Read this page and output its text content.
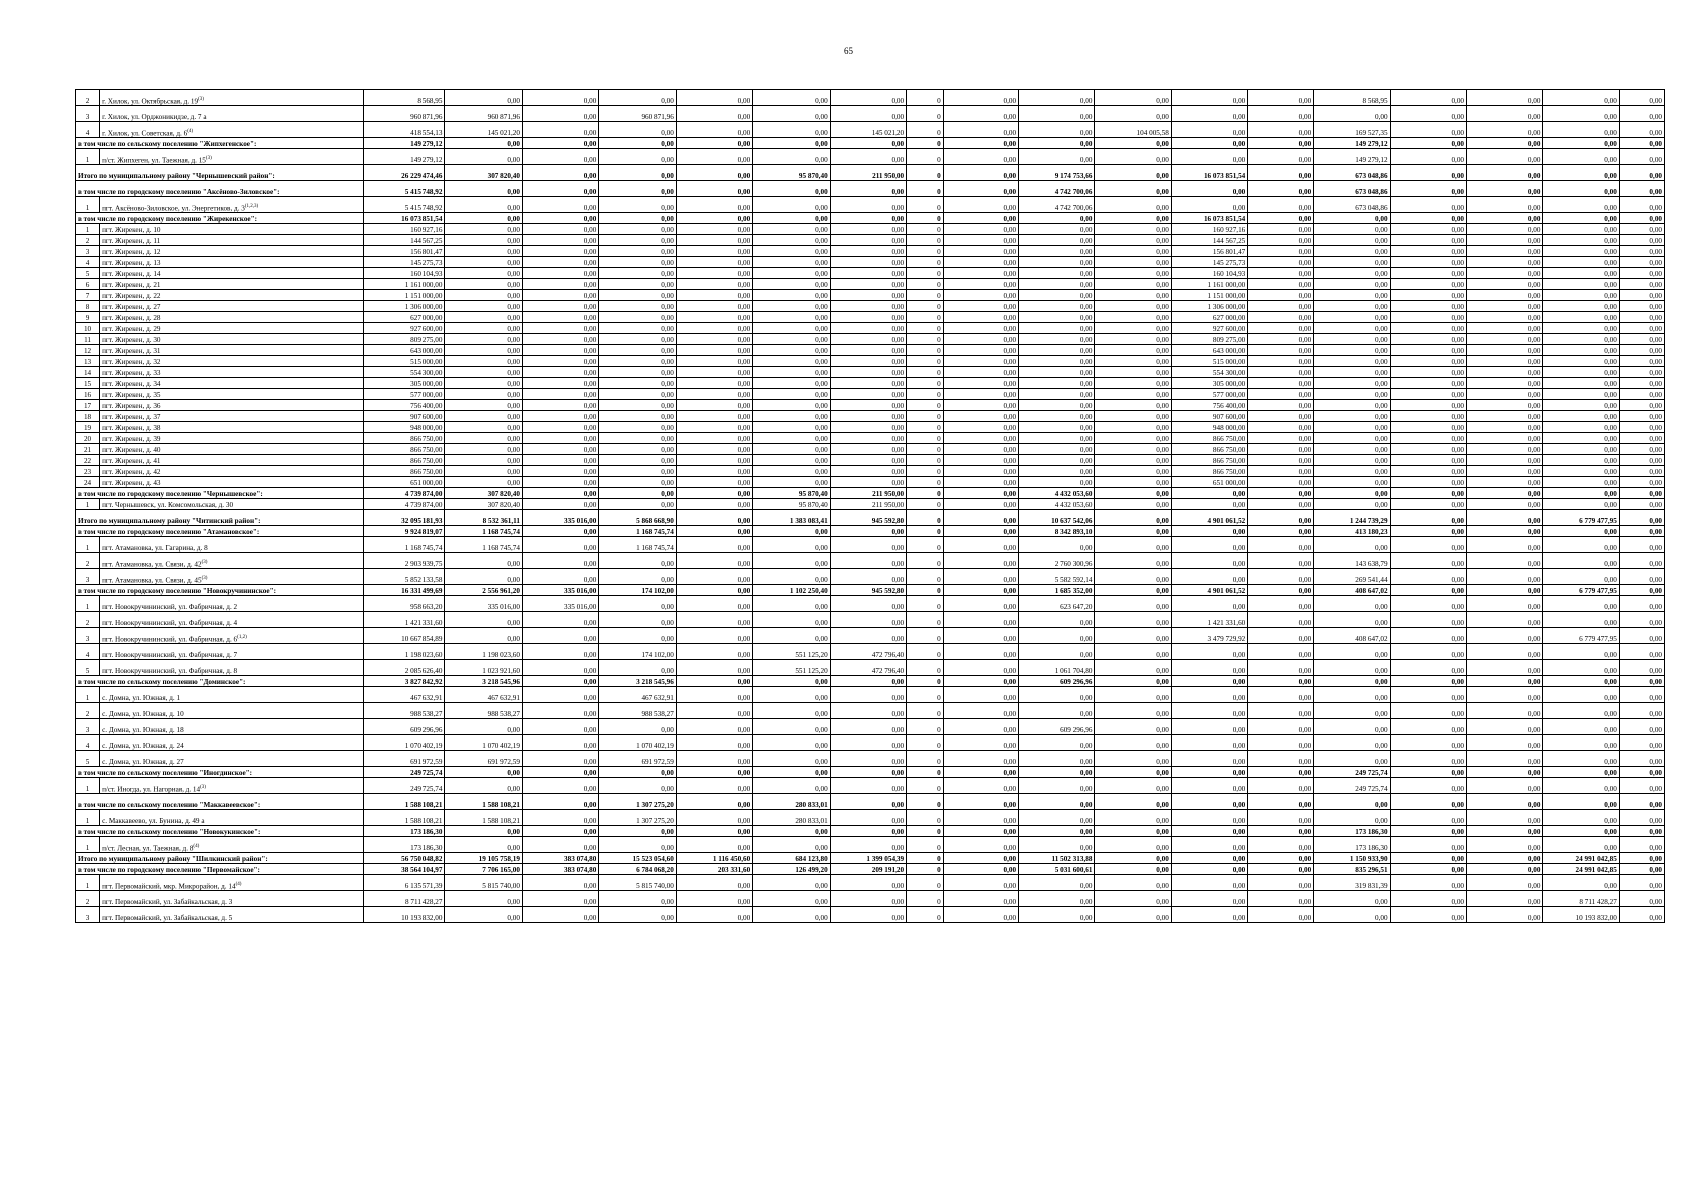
65
2	г. Хилок, ул. Октябрьская, д. 19$^{(3)}$	8 568,95	0,00	0,00	0,00	0,00	0,00	0,00	0	0,00	0,00	0,00	0,00	0,00	8 568,95	0,00	0,00	0,00	0,00
3	г. Хилок, ул. Орджоникидзе, д. 7 а	960 871,96	960 871,96	0,00	960 871,96	0,00	0,00	0,00	0	0,00	0,00	0,00	0,00	0,00	0,00	0,00	0,00	0,00	0,00
4	г. Хилок, ул. Советская, д. 6$^{(4)}$	418 554,13	145 021,20	0,00	0,00	0,00	0,00	145 021,20	0	0,00	0,00	104 005,58	0,00	0,00	169 527,35	0,00	0,00	0,00	0,00
в том числе по сельскому поселению "Жипхегенское":		149 279,12	0,00	0,00	0,00	0,00	0,00	0,00	0	0,00	0,00	0,00	0,00	0,00	149 279,12	0,00	0,00	0,00	0,00
1	п/ст. Жипхеген, ул. Таежная, д. 15$^{(3)}$	149 279,12	0,00	0,00	0,00	0,00	0,00	0,00	0	0,00	0,00	0,00	0,00	0,00	149 279,12	0,00	0,00	0,00	0,00
Итого по муниципальному району "Чернышевский район":		26 229 474,46	307 820,40	0,00	0,00	0,00	95 870,40	211 950,00	0	0,00	9 174 753,66	0,00	16 073 851,54	0,00	673 048,86	0,00	0,00	0,00	0,00
в том числе по городскому поселению "Аксёново-Зиловское":		5 415 748,92	0,00	0,00	0,00	0,00	0,00	0,00	0	0,00	4 742 700,06	0,00	0,00	0,00	673 048,86	0,00	0,00	0,00	0,00
1	пгт. Аксёново-Зиловское, ул. Энергетиков, д. 3$^{(1,2,3)}$	5 415 748,92	0,00	0,00	0,00	0,00	0,00	0,00	0	0,00	4 742 700,06	0,00	0,00	0,00	673 048,86	0,00	0,00	0,00	0,00
в том числе по городскому поселению "Жирекенское":		16 073 851,54	0,00	0,00	0,00	0,00	0,00	0,00	0	0,00	0,00	0,00	16 073 851,54	0,00	0,00	0,00	0,00	0,00	0,00
1	пгт. Жирекен, д. 10	160 927,16	0,00	0,00	0,00	0,00	0,00	0,00	0	0,00	0,00	0,00	160 927,16	0,00	0,00	0,00	0,00	0,00	0,00
2	пгт. Жирекен, д. 11	144 567,25	0,00	0,00	0,00	0,00	0,00	0,00	0	0,00	0,00	0,00	144 567,25	0,00	0,00	0,00	0,00	0,00	0,00
3	пгт. Жирекен, д. 12	156 801,47	0,00	0,00	0,00	0,00	0,00	0,00	0	0,00	0,00	0,00	156 801,47	0,00	0,00	0,00	0,00	0,00	0,00
4	пгт. Жирекен, д. 13	145 275,73	0,00	0,00	0,00	0,00	0,00	0,00	0	0,00	0,00	0,00	145 275,73	0,00	0,00	0,00	0,00	0,00	0,00
5	пгт. Жирекен, д. 14	160 104,93	0,00	0,00	0,00	0,00	0,00	0,00	0	0,00	0,00	0,00	160 104,93	0,00	0,00	0,00	0,00	0,00	0,00
6	пгт. Жирекен, д. 21	1 161 000,00	0,00	0,00	0,00	0,00	0,00	0,00	0	0,00	0,00	0,00	1 161 000,00	0,00	0,00	0,00	0,00	0,00	0,00
7	пгт. Жирекен, д. 22	1 151 000,00	0,00	0,00	0,00	0,00	0,00	0,00	0	0,00	0,00	0,00	1 151 000,00	0,00	0,00	0,00	0,00	0,00	0,00
8	пгт. Жирекен, д. 27	1 306 000,00	0,00	0,00	0,00	0,00	0,00	0,00	0	0,00	0,00	0,00	1 306 000,00	0,00	0,00	0,00	0,00	0,00	0,00
9	пгт. Жирекен, д. 28	627 000,00	0,00	0,00	0,00	0,00	0,00	0,00	0	0,00	0,00	0,00	627 000,00	0,00	0,00	0,00	0,00	0,00	0,00
10	пгт. Жирекен, д. 29	927 600,00	0,00	0,00	0,00	0,00	0,00	0,00	0	0,00	0,00	0,00	927 600,00	0,00	0,00	0,00	0,00	0,00	0,00
11	пгт. Жирекен, д. 30	809 275,00	0,00	0,00	0,00	0,00	0,00	0,00	0	0,00	0,00	0,00	809 275,00	0,00	0,00	0,00	0,00	0,00	0,00
12	пгт. Жирекен, д. 31	643 000,00	0,00	0,00	0,00	0,00	0,00	0,00	0	0,00	0,00	0,00	643 000,00	0,00	0,00	0,00	0,00	0,00	0,00
13	пгт. Жирекен, д. 32	515 000,00	0,00	0,00	0,00	0,00	0,00	0,00	0	0,00	0,00	0,00	515 000,00	0,00	0,00	0,00	0,00	0,00	0,00
14	пгт. Жирекен, д. 33	554 300,00	0,00	0,00	0,00	0,00	0,00	0,00	0	0,00	0,00	0,00	554 300,00	0,00	0,00	0,00	0,00	0,00	0,00
15	пгт. Жирекен, д. 34	305 000,00	0,00	0,00	0,00	0,00	0,00	0,00	0	0,00	0,00	0,00	305 000,00	0,00	0,00	0,00	0,00	0,00	0,00
16	пгт. Жирекен, д. 35	577 000,00	0,00	0,00	0,00	0,00	0,00	0,00	0	0,00	0,00	0,00	577 000,00	0,00	0,00	0,00	0,00	0,00	0,00
17	пгт. Жирекен, д. 36	756 400,00	0,00	0,00	0,00	0,00	0,00	0,00	0	0,00	0,00	0,00	756 400,00	0,00	0,00	0,00	0,00	0,00	0,00
18	пгт. Жирекен, д. 37	907 600,00	0,00	0,00	0,00	0,00	0,00	0,00	0	0,00	0,00	0,00	907 600,00	0,00	0,00	0,00	0,00	0,00	0,00
19	пгт. Жирекен, д. 38	948 000,00	0,00	0,00	0,00	0,00	0,00	0,00	0	0,00	0,00	0,00	948 000,00	0,00	0,00	0,00	0,00	0,00	0,00
20	пгт. Жирекен, д. 39	866 750,00	0,00	0,00	0,00	0,00	0,00	0,00	0	0,00	0,00	0,00	866 750,00	0,00	0,00	0,00	0,00	0,00	0,00
21	пгт. Жирекен, д. 40	866 750,00	0,00	0,00	0,00	0,00	0,00	0,00	0	0,00	0,00	0,00	866 750,00	0,00	0,00	0,00	0,00	0,00	0,00
22	пгт. Жирекен, д. 41	866 750,00	0,00	0,00	0,00	0,00	0,00	0,00	0	0,00	0,00	0,00	866 750,00	0,00	0,00	0,00	0,00	0,00	0,00
23	пгт. Жирекен, д. 42	866 750,00	0,00	0,00	0,00	0,00	0,00	0,00	0	0,00	0,00	0,00	866 750,00	0,00	0,00	0,00	0,00	0,00	0,00
24	пгт. Жирекен, д. 43	651 000,00	0,00	0,00	0,00	0,00	0,00	0,00	0	0,00	0,00	0,00	651 000,00	0,00	0,00	0,00	0,00	0,00	0,00
в том числе по городскому поселению "Чернышевское":		4 739 874,00	307 820,40	0,00	0,00	0,00	95 870,40	211 950,00	0	0,00	4 432 053,60	0,00	0,00	0,00	0,00	0,00	0,00	0,00	0,00
1	пгт. Чернышевск, ул. Комсомольская, д. 30	4 739 874,00	307 820,40	0,00	0,00	0,00	95 870,40	211 950,00	0	0,00	4 432 053,60	0,00	0,00	0,00	0,00	0,00	0,00	0,00	0,00
Итого по муниципальному району "Читинский район":		32 095 181,93	8 532 361,11	335 016,00	5 868 668,90	0,00	1 383 083,41	945 592,80	0	0,00	10 637 542,06	0,00	4 901 061,52	0,00	1 244 739,29	0,00	0,00	6 779 477,95	0,00
в том числе по городскому поселению "Атамановское":		9 924 819,07	1 168 745,74	0,00	1 168 745,74	0,00	0,00	0,00	0	0,00	8 342 893,10	0,00	0,00	0,00	413 180,23	0,00	0,00	0,00	0,00
1	пгт. Атамановка, ул. Гагарина, д. 8	1 168 745,74	1 168 745,74	0,00	1 168 745,74	0,00	0,00	0,00	0	0,00	0,00	0,00	0,00	0,00	0,00	0,00	0,00	0,00	0,00
2	пгт. Атамановка, ул. Связи, д. 42$^{(3)}$	2 903 939,75	0,00	0,00	0,00	0,00	0,00	0,00	0	0,00	2 760 300,96	0,00	0,00	0,00	143 638,79	0,00	0,00	0,00	0,00
3	пгт. Атамановка, ул. Связи, д. 45$^{(3)}$	5 852 133,58	0,00	0,00	0,00	0,00	0,00	0,00	0	0,00	5 582 592,14	0,00	0,00	0,00	269 541,44	0,00	0,00	0,00	0,00
в том числе по городскому поселению "Новокручининское":		16 331 499,69	2 556 961,20	335 016,00	174 102,00	0,00	1 102 250,40	945 592,80	0	0,00	1 685 352,00	0,00	4 901 061,52	0,00	408 647,02	0,00	0,00	6 779 477,95	0,00
1	пгт. Новокручининский, ул. Фабричная, д. 2	958 663,20	335 016,00	335 016,00	0,00	0,00	0,00	0,00	0	0,00	623 647,20	0,00	0,00	0,00	0,00	0,00	0,00	0,00	0,00
2	пгт. Новокручининский, ул. Фабричная, д. 4	1 421 331,60	0,00	0,00	0,00	0,00	0,00	0,00	0	0,00	0,00	0,00	1 421 331,60	0,00	0,00	0,00	0,00	0,00	0,00
3	пгт. Новокручининский, ул. Фабричная, д. 6$^{(1,2)}$	10 667 854,89	0,00	0,00	0,00	0,00	0,00	0,00	0	0,00	0,00	0,00	3 479 729,92	0,00	408 647,02	0,00	0,00	6 779 477,95	0,00
4	пгт. Новокручининский, ул. Фабричная, д. 7	1 198 023,60	1 198 023,60	0,00	174 102,00	0,00	551 125,20	472 796,40	0	0,00	0,00	0,00	0,00	0,00	0,00	0,00	0,00	0,00	0,00
5	пгт. Новокручининский, ул. Фабричная, д. 8	2 085 626,40	1 023 921,60	0,00	0,00	0,00	551 125,20	472 796,40	0	0,00	1 061 704,80	0,00	0,00	0,00	0,00	0,00	0,00	0,00	0,00
в том числе по сельскому поселению "Доминское":		3 827 842,92	3 218 545,96	0,00	3 218 545,96	0,00	0,00	0,00	0	0,00	609 296,96	0,00	0,00	0,00	0,00	0,00	0,00	0,00	0,00
1	с. Домна, ул. Южная, д. 1	467 632,91	467 632,91	0,00	467 632,91	0,00	0,00	0,00	0	0,00	0,00	0,00	0,00	0,00	0,00	0,00	0,00	0,00	0,00
2	с. Домна, ул. Южная, д. 10	988 538,27	988 538,27	0,00	988 538,27	0,00	0,00	0,00	0	0,00	0,00	0,00	0,00	0,00	0,00	0,00	0,00	0,00	0,00
3	с. Домна, ул. Южная, д. 18	609 296,96	0,00	0,00	0,00	0,00	0,00	0,00	0	0,00	609 296,96	0,00	0,00	0,00	0,00	0,00	0,00	0,00	0,00
4	с. Домна, ул. Южная, д. 24	1 070 402,19	1 070 402,19	0,00	1 070 402,19	0,00	0,00	0,00	0	0,00	0,00	0,00	0,00	0,00	0,00	0,00	0,00	0,00	0,00
5	с. Домна, ул. Южная, д. 27	691 972,59	691 972,59	0,00	691 972,59	0,00	0,00	0,00	0	0,00	0,00	0,00	0,00	0,00	0,00	0,00	0,00	0,00	0,00
в том числе по сельскому поселению "Иногдинское":		249 725,74	0,00	0,00	0,00	0,00	0,00	0,00	0	0,00	0,00	0,00	0,00	0,00	249 725,74	0,00	0,00	0,00	0,00
1	п/ст. Иногда, ул. Нагорная, д. 14$^{(3)}$	249 725,74	0,00	0,00	0,00	0,00	0,00	0,00	0	0,00	0,00	0,00	0,00	0,00	249 725,74	0,00	0,00	0,00	0,00
в том числе по сельскому поселению "Маккавеевское":		1 588 108,21	1 588 108,21	0,00	1 307 275,20	0,00	280 833,01	0,00	0	0,00	0,00	0,00	0,00	0,00	0,00	0,00	0,00	0,00	0,00
1	с. Маккавеево, ул. Бунина, д. 49 а	1 588 108,21	1 588 108,21	0,00	1 307 275,20	0,00	280 833,01	0,00	0	0,00	0,00	0,00	0,00	0,00	0,00	0,00	0,00	0,00	0,00
в том числе по сельскому поселению "Новокукинское":		173 186,30	0,00	0,00	0,00	0,00	0,00	0,00	0	0,00	0,00	0,00	0,00	0,00	173 186,30	0,00	0,00	0,00	0,00
1	п/ст. Лесная, ул. Таежная, д. 8$^{(4)}$	173 186,30	0,00	0,00	0,00	0,00	0,00	0,00	0	0,00	0,00	0,00	0,00	0,00	173 186,30	0,00	0,00	0,00	0,00
Итого по муниципальному району "Шилкинский район":		56 750 048,82	19 105 758,19	383 074,80	15 523 054,60	1 116 450,60	684 123,80	1 399 054,39	0	0,00	11 502 313,88	0,00	0,00	0,00	1 150 933,90	0,00	0,00	24 991 042,85	0,00
в том числе по городскому поселению "Первомайское":		38 564 104,97	7 706 165,00	383 074,80	6 784 068,20	203 331,60	126 499,20	209 191,20	0	0,00	5 031 600,61	0,00	0,00	0,00	835 296,51	0,00	0,00	24 991 042,85	0,00
1	пгт. Первомайский, мкр. Микрорайон, д. 14$^{(4)}$	6 135 571,39	5 815 740,00	0,00	5 815 740,00	0,00	0,00	0,00	0	0,00	0,00	0,00	0,00	0,00	319 831,39	0,00	0,00	0,00	0,00
2	пгт. Первомайский, ул. Забайкальская, д. 3	8 711 428,27	0,00	0,00	0,00	0,00	0,00	0,00	0	0,00	0,00	0,00	0,00	0,00	0,00	0,00	0,00	8 711 428,27	0,00
3	пгт. Первомайский, ул. Забайкальская, д. 5	10 193 832,00	0,00	0,00	0,00	0,00	0,00	0,00	0	0,00	0,00	0,00	0,00	0,00	0,00	0,00	0,00	10 193 832,00	0,00
